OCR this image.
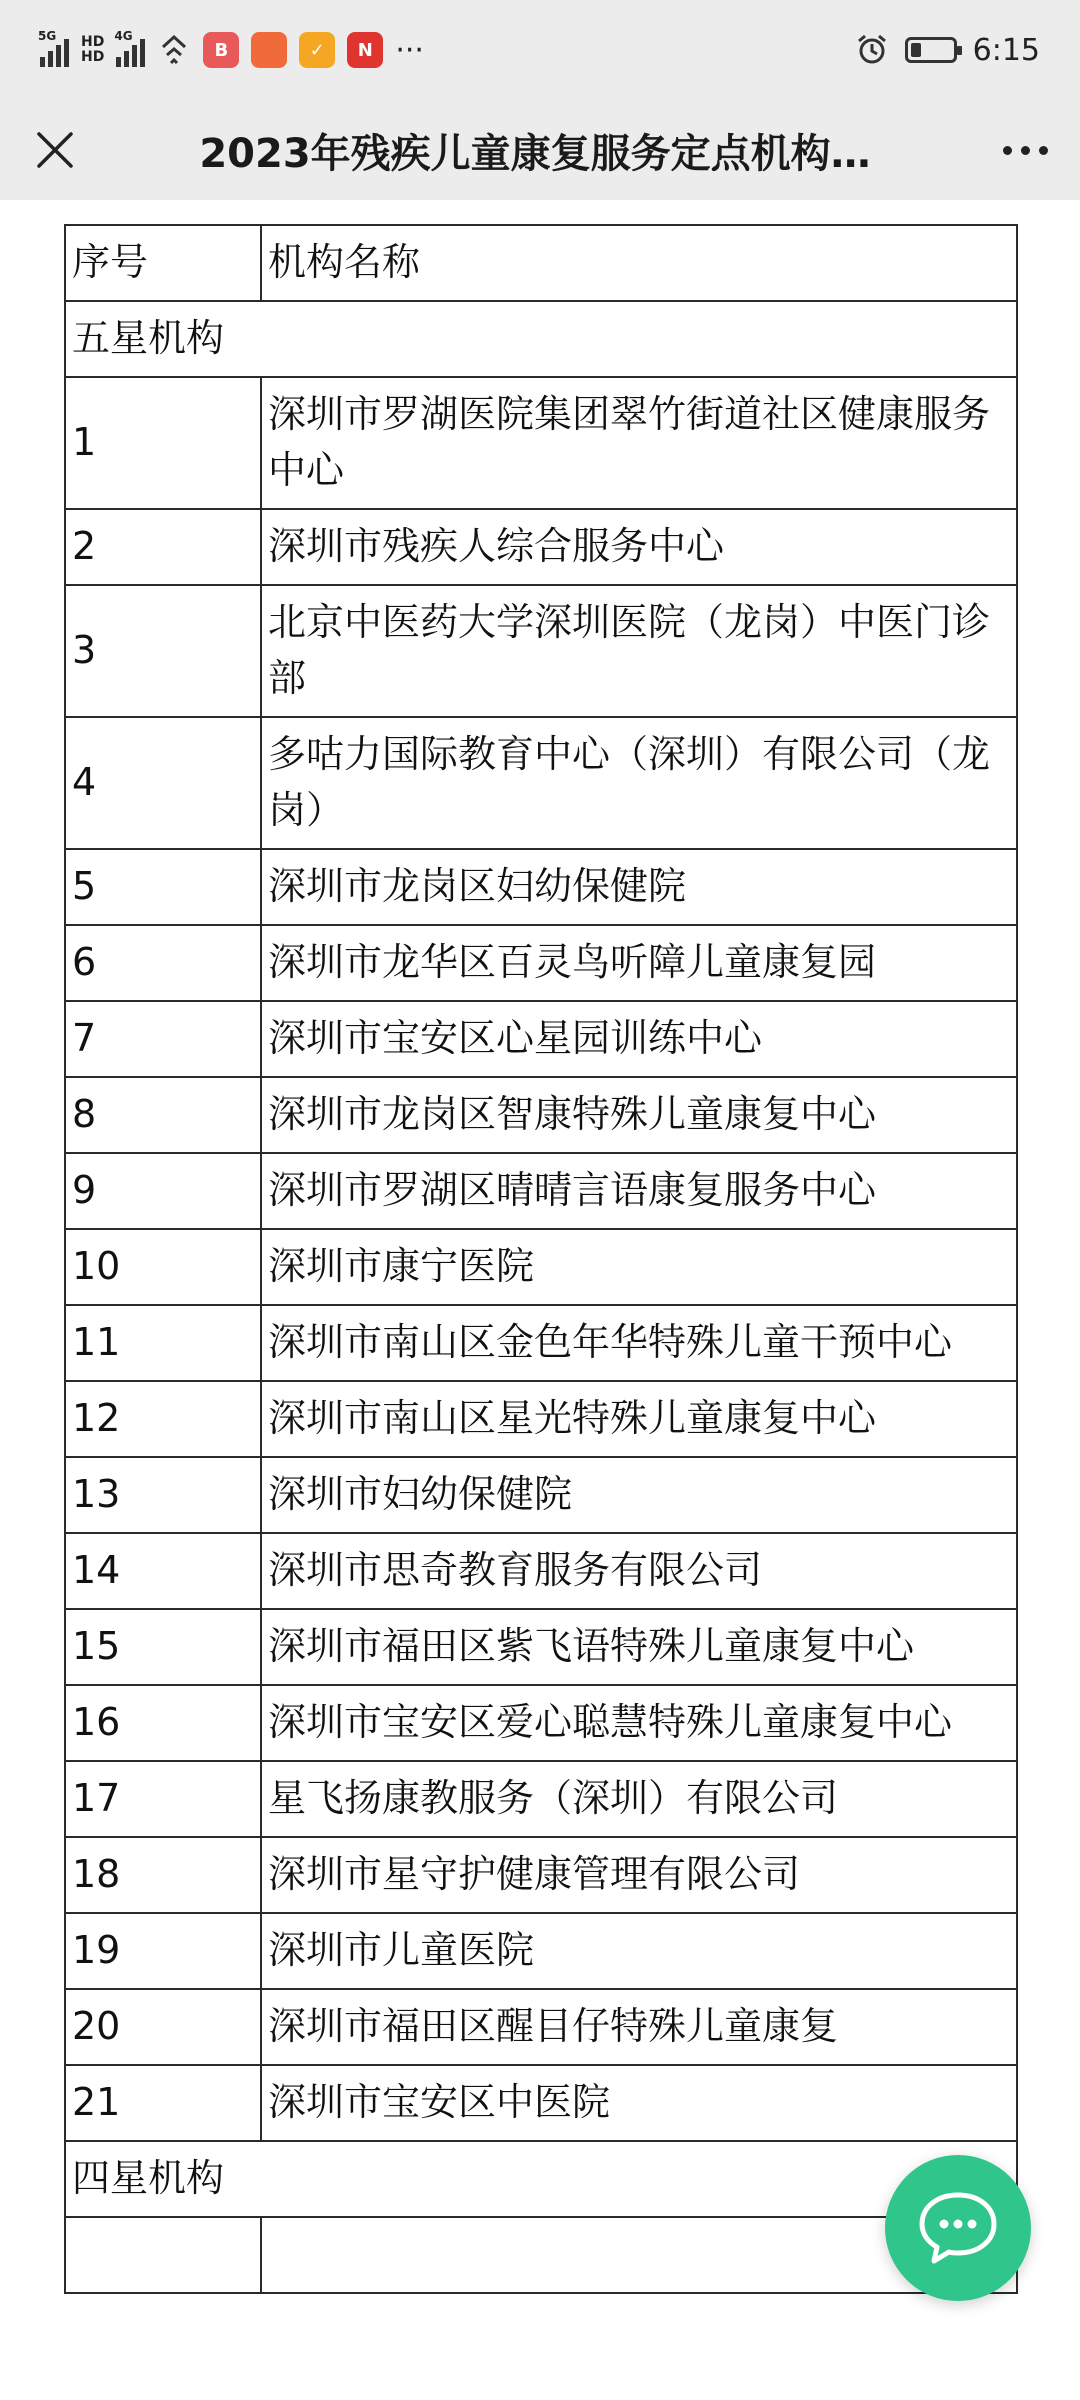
5G HD
HD
4G
B	✓	N ···	6:15
2023年残疾儿童康复服务定点机构…
序号	机构名称
五星机构	
1	深圳市罗湖医院集团翠竹街道社区健康服务中心
2	深圳市残疾人综合服务中心
3	北京中医药大学深圳医院（龙岗）中医门诊部
4	多咕力国际教育中心（深圳）有限公司（龙岗）
5	深圳市龙岗区妇幼保健院
6	深圳市龙华区百灵鸟听障儿童康复园
7	深圳市宝安区心星园训练中心
8	深圳市龙岗区智康特殊儿童康复中心
9	深圳市罗湖区晴晴言语康复服务中心
10	深圳市康宁医院
11	深圳市南山区金色年华特殊儿童干预中心
12	深圳市南山区星光特殊儿童康复中心
13	深圳市妇幼保健院
14	深圳市思奇教育服务有限公司
15	深圳市福田区紫飞语特殊儿童康复中心
16	深圳市宝安区爱心聪慧特殊儿童康复中心
17	星飞扬康教服务（深圳）有限公司
18	深圳市星守护健康管理有限公司
19	深圳市儿童医院
20	深圳市福田区醒目仔特殊儿童康复
21	深圳市宝安区中医院
四星机构	
